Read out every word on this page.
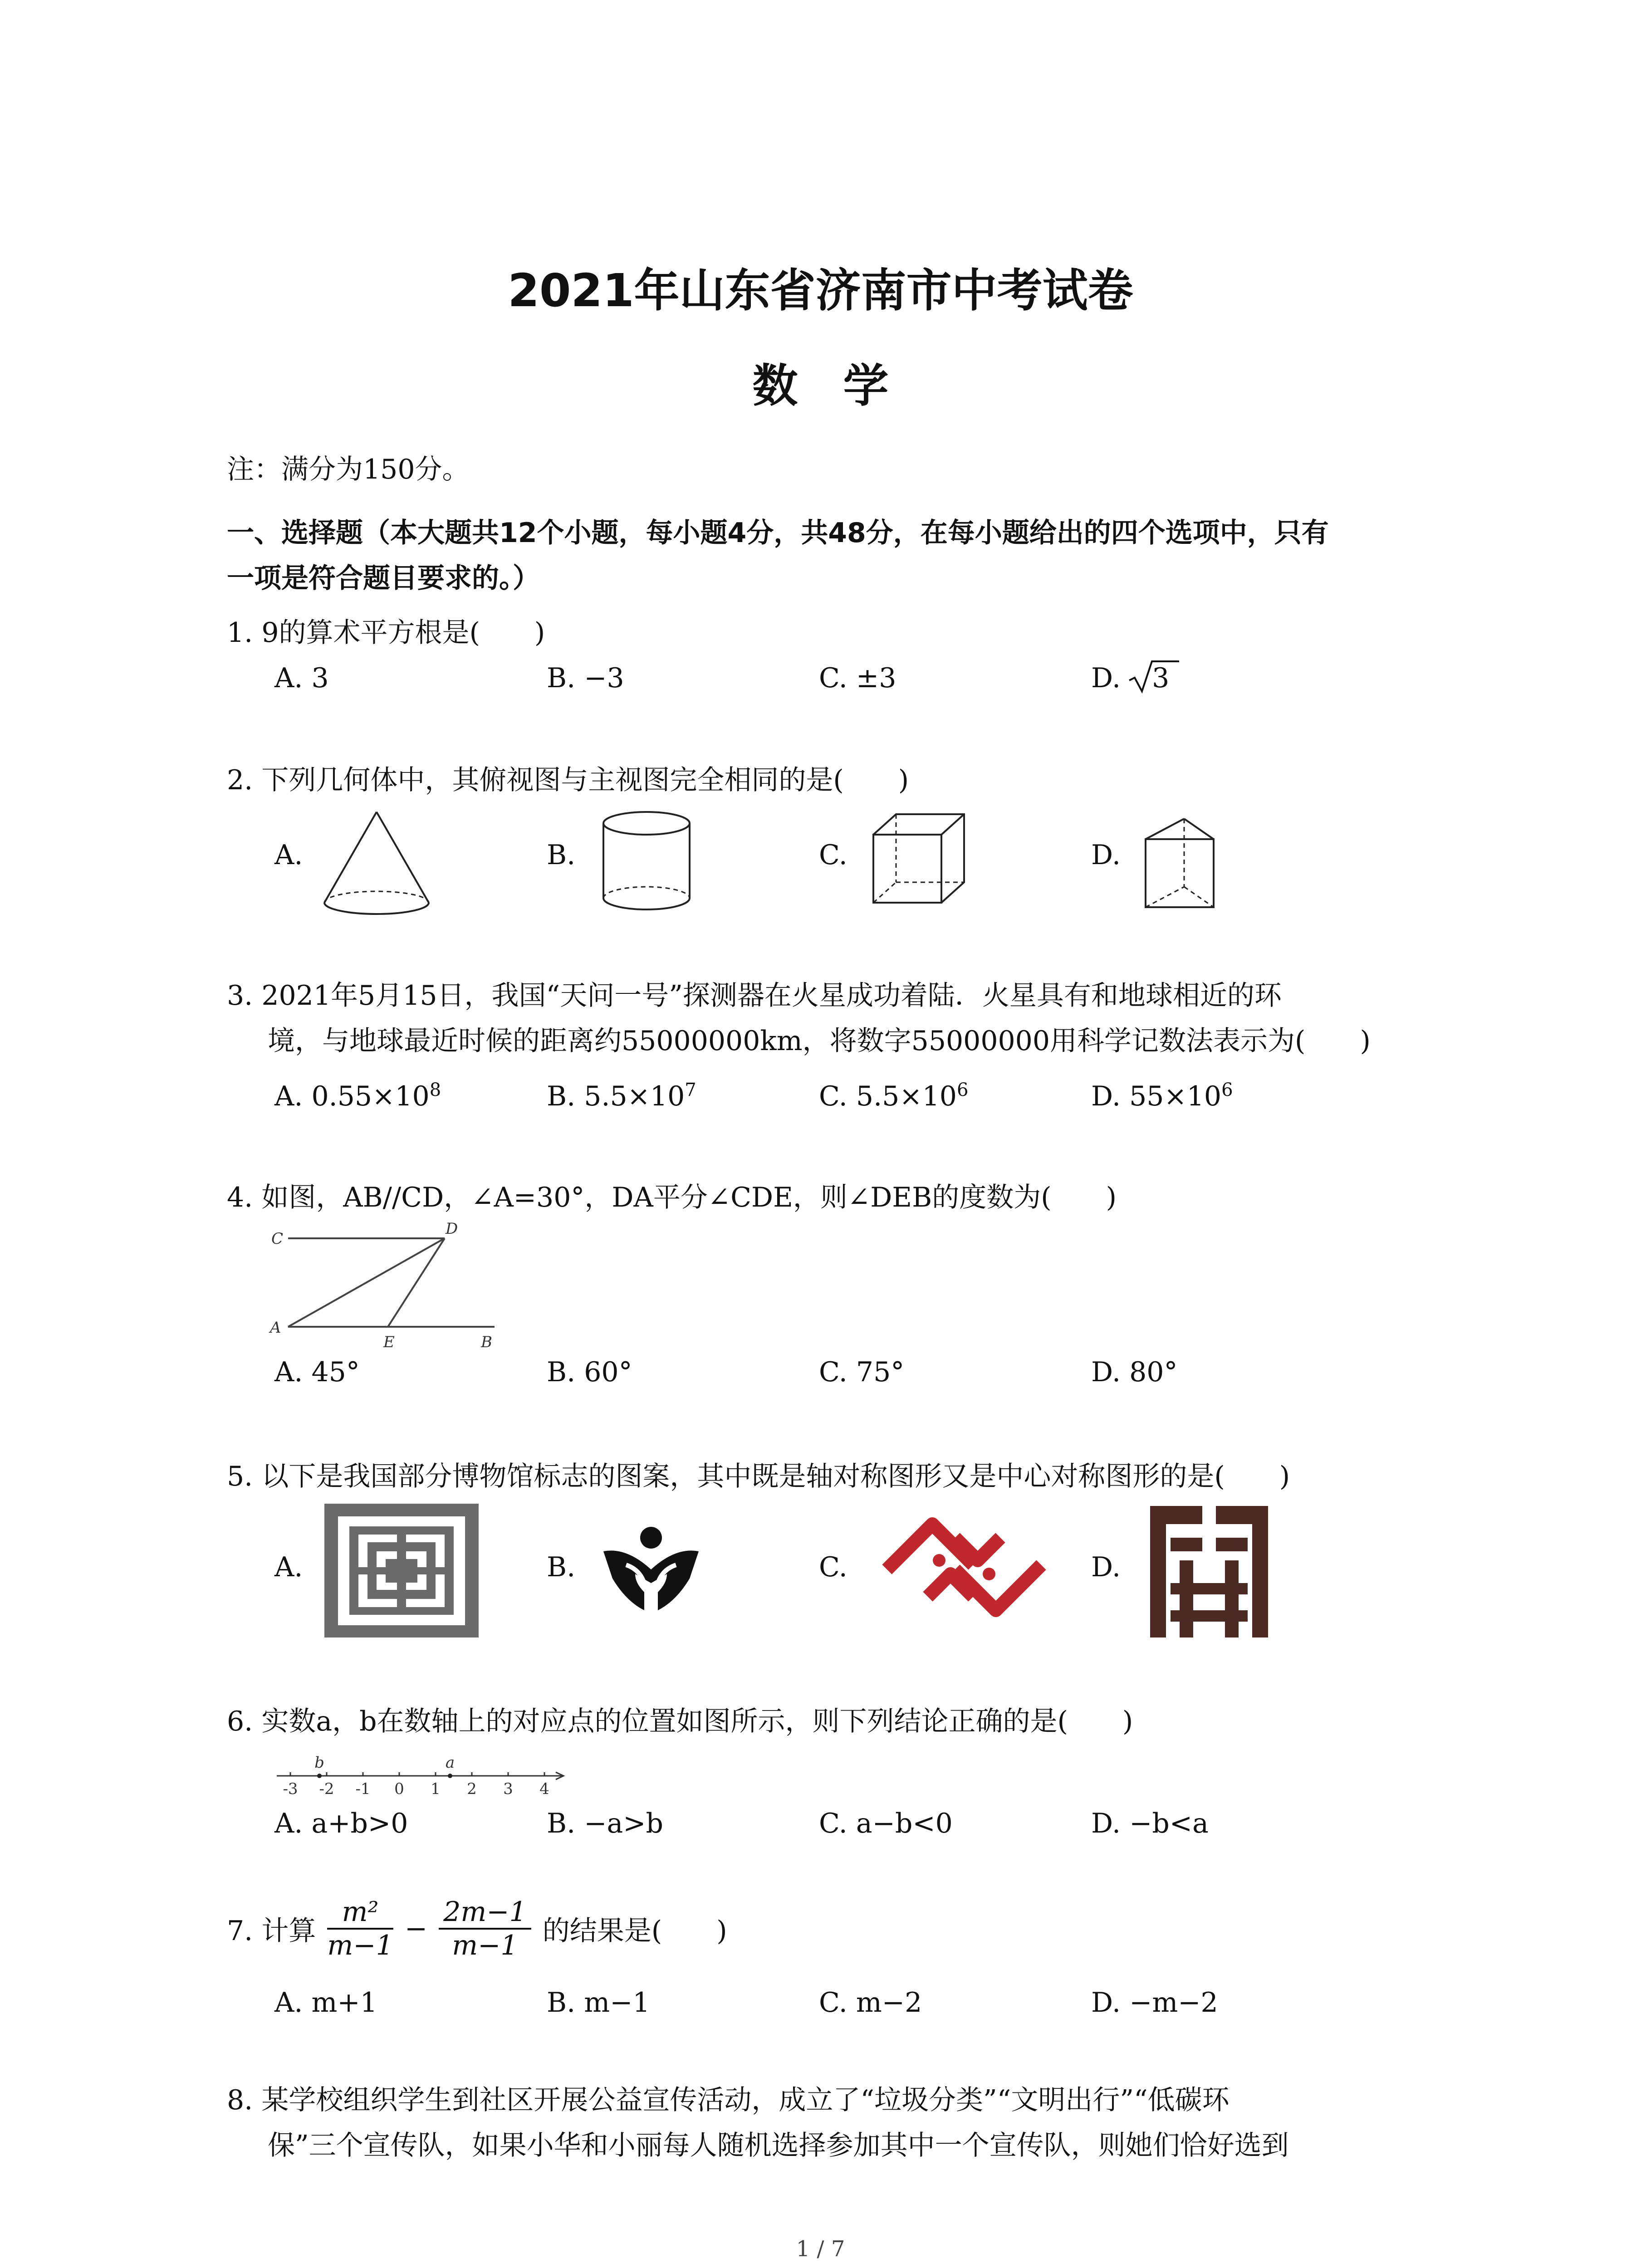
2021年山东省济南市中考试卷
数　学
注：满分为150分。
一、选择题（本大题共12个小题，每小题4分，共48分，在每小题给出的四个选项中，只有
一项是符合题目要求的。）
1. 9的算术平方根是(　　)
A. 3	B. −3	C. ±3	D. 3
2. 下列几何体中，其俯视图与主视图完全相同的是(　　)
A.	B.	C.	D.
3. 2021年5月15日，我国“天问一号”探测器在火星成功着陆．火星具有和地球相近的环
境，与地球最近时候的距离约55000000km，将数字55000000用科学记数法表示为(　　)
A. $0.55\times 10^8$	B. $5.5\times 10^7$	C. $5.5\times 10^6$	D. $55\times 10^6$
4. 如图，AB//CD，∠A=30°，DA平分∠CDE，则∠DEB的度数为(　　)
C
D
A
E	B
A. 45°	B. 60°	C. 75°	D. 80°
5. 以下是我国部分博物馆标志的图案，其中既是轴对称图形又是中心对称图形的是(　　)
A.	B.	C.	D.
6. 实数a，b在数轴上的对应点的位置如图所示，则下列结论正确的是(　　)
-3 -2 -1 0 1 2 3 4
b	a
A. a+b>0	B. −a>b	C. a−b<0	D. −b<a
7. 计算 $\frac{\text{m²}}{m-1} - \frac{2m-1}{m-1}$ 的结果是(　　)
A. m+1	B. m−1	C. m−2	D. −m−2
8. 某学校组织学生到社区开展公益宣传活动，成立了“垃圾分类”“文明出行”“低碳环
保”三个宣传队，如果小华和小丽每人随机选择参加其中一个宣传队，则她们恰好选到
1 / 7
